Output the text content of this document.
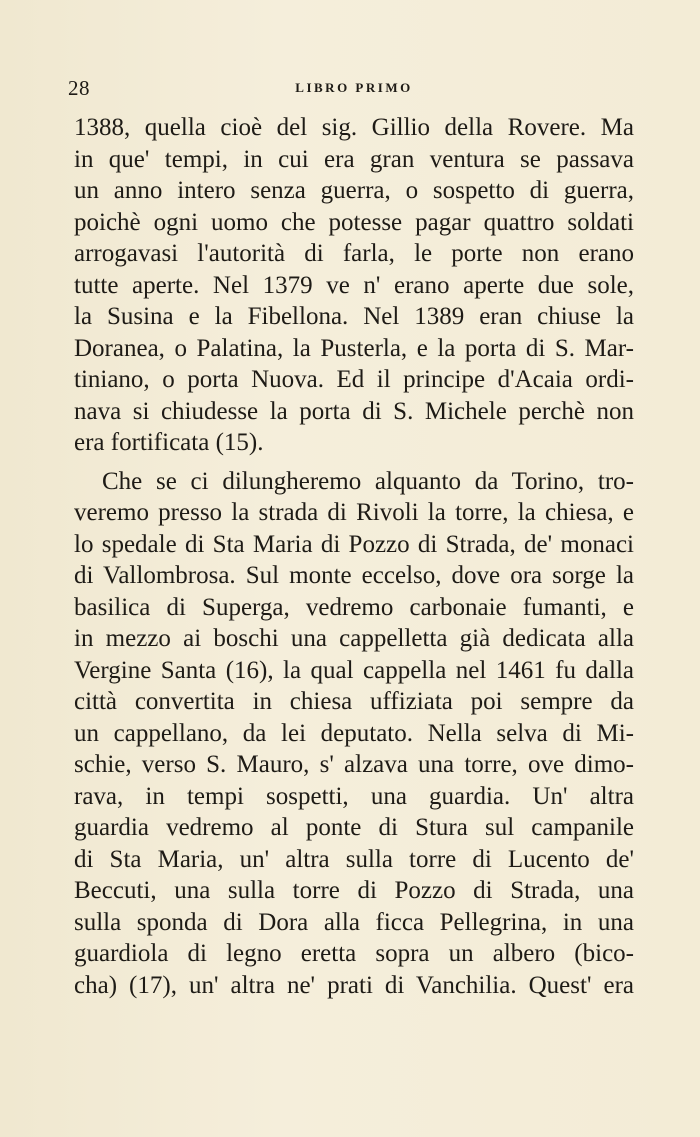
28	LIBRO PRIMO
1388, quella cioè del sig. Gillio della Rovere. Ma
in que' tempi, in cui era gran ventura se passava
un anno intero senza guerra, o sospetto di guerra,
poichè ogni uomo che potesse pagar quattro soldati
arrogavasi l'autorità di farla, le porte non erano
tutte aperte. Nel 1379 ve n' erano aperte due sole,
la Susina e la Fibellona. Nel 1389 eran chiuse la
Doranea, o Palatina, la Pusterla, e la porta di S. Mar-
tiniano, o porta Nuova. Ed il principe d'Acaia ordi-
nava si chiudesse la porta di S. Michele perchè non
era fortificata (15).
Che se ci dilungheremo alquanto da Torino, tro-
veremo presso la strada di Rivoli la torre, la chiesa, e
lo spedale di Sta Maria di Pozzo di Strada, de' monaci
di Vallombrosa. Sul monte eccelso, dove ora sorge la
basilica di Superga, vedremo carbonaie fumanti, e
in mezzo ai boschi una cappelletta già dedicata alla
Vergine Santa (16), la qual cappella nel 1461 fu dalla
città convertita in chiesa uffiziata poi sempre da
un cappellano, da lei deputato. Nella selva di Mi-
schie, verso S. Mauro, s' alzava una torre, ove dimo-
rava, in tempi sospetti, una guardia. Un' altra
guardia vedremo al ponte di Stura sul campanile
di Sta Maria, un' altra sulla torre di Lucento de'
Beccuti, una sulla torre di Pozzo di Strada, una
sulla sponda di Dora alla ficca Pellegrina, in una
guardiola di legno eretta sopra un albero (bico-
cha) (17), un' altra ne' prati di Vanchilia. Quest' era
